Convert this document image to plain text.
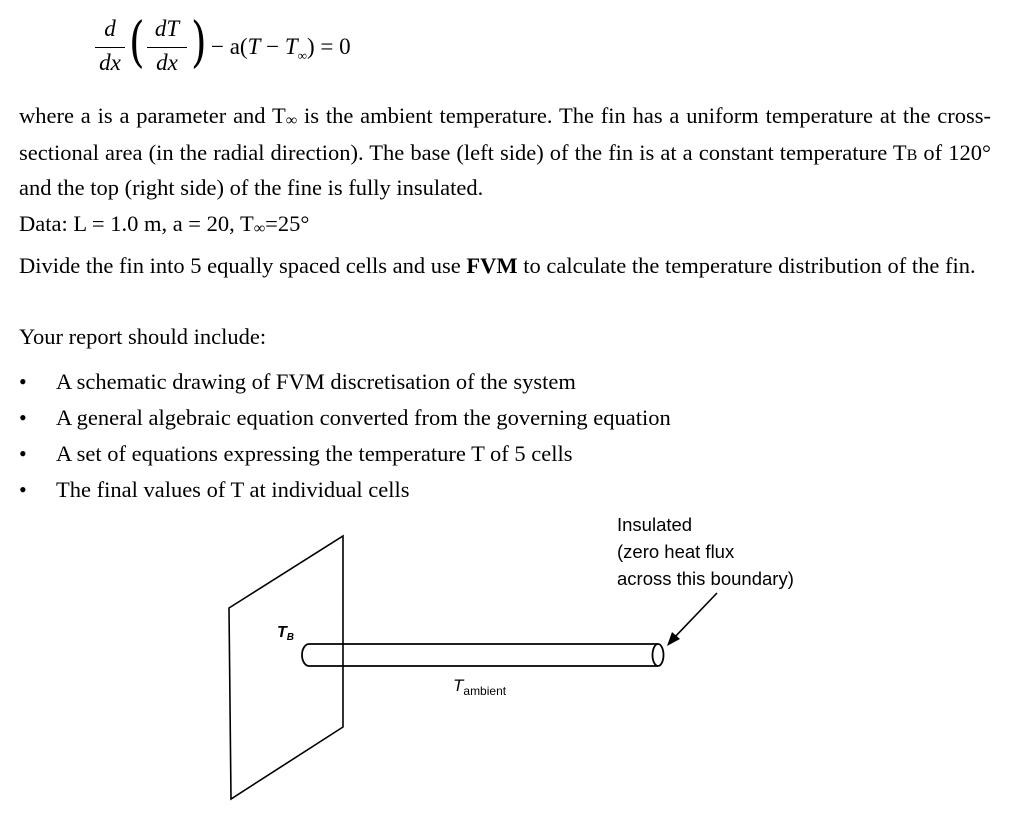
d
dx ( dT
dx ) − $a(T - T_\infty) = 0$

where a is a parameter and T∞ is the ambient temperature. The fin has a uniform temperature at the cross-sectional area (in the radial direction). The base (left side) of the fin is at a constant temperature TB of 120° and the top (right side) of the fine is fully insulated.

Data: L = 1.0 m, a = 20, T∞=25°

Divide the fin into 5 equally spaced cells and use FVM to calculate the temperature distribution of the fin.

Your report should include:

• A schematic drawing of FVM discretisation of the system
• A general algebraic equation converted from the governing equation
• A set of equations expressing the temperature T of 5 cells
• The final values of T at individual cells
Insulated
(zero heat flux
across this boundary)
TB
$T_{ambient}$
